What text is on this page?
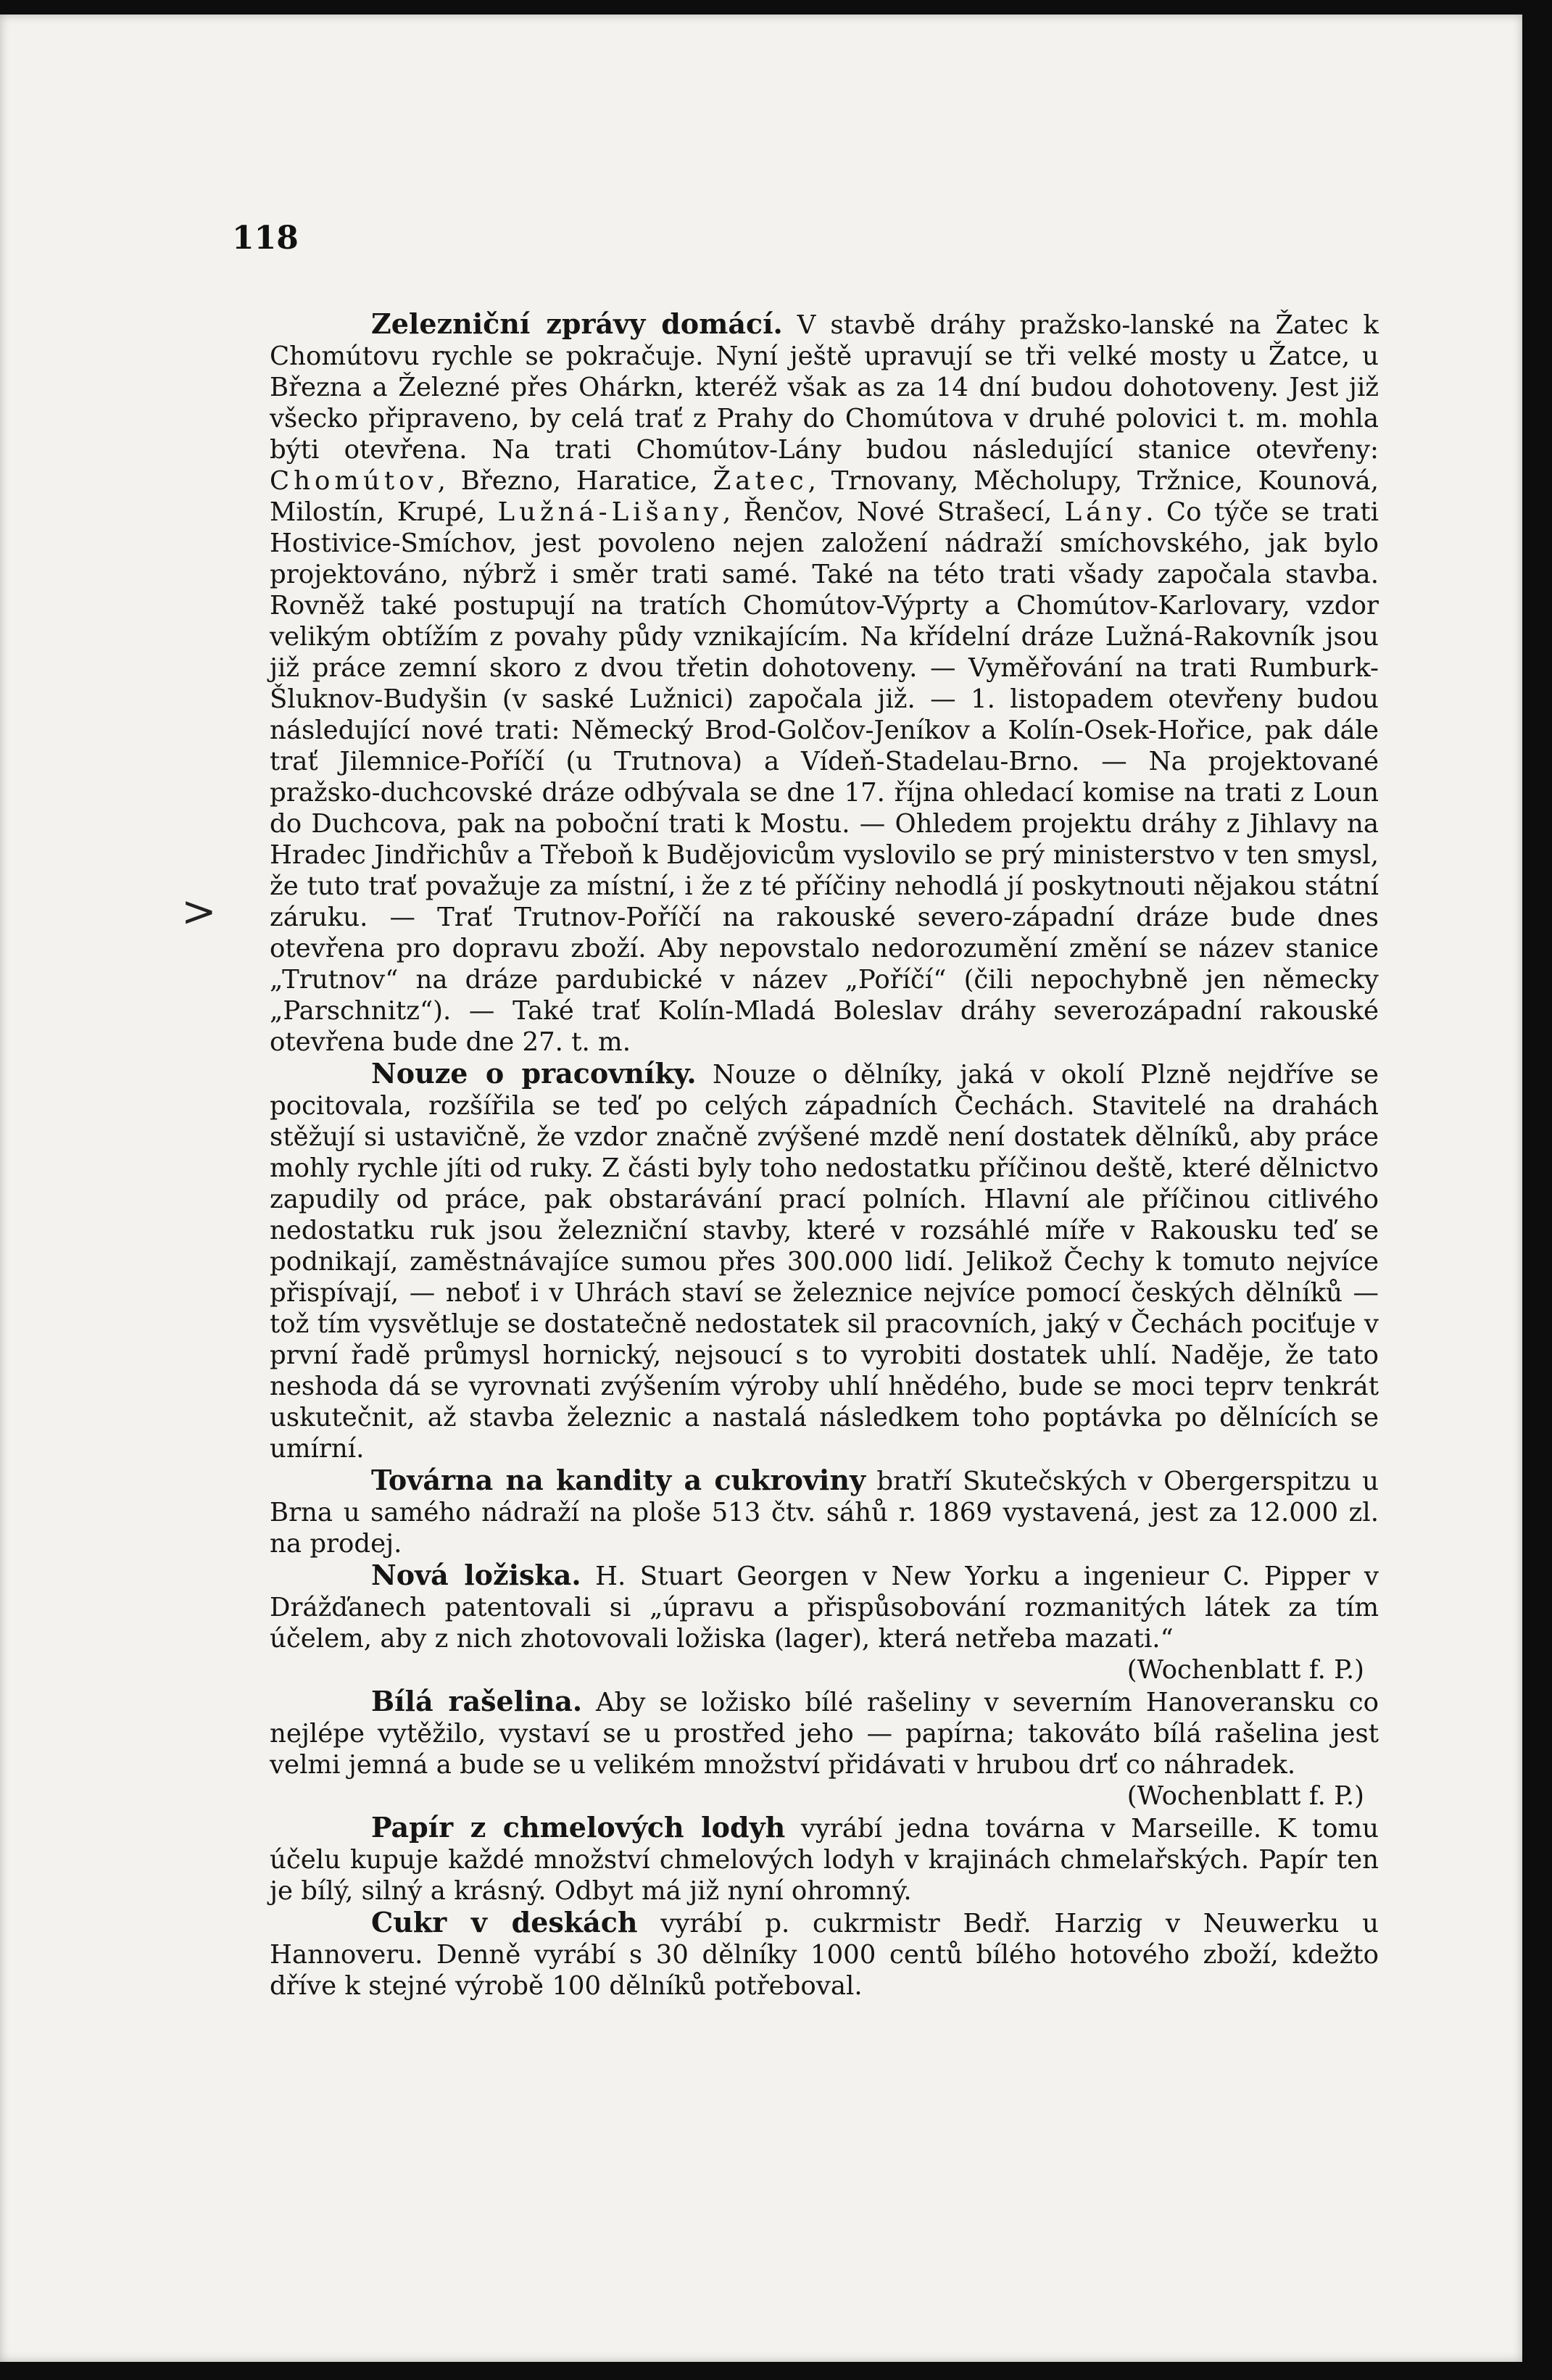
118
>

Zelezniční zprávy domácí. V stavbě dráhy pražsko-lanské na Žatec k Chomútovu rychle se pokračuje. Nyní ještě upravují se tři velké mosty u Žatce, u Března a Železné přes Ohárkn, kteréž však as za 14 dní budou dohotoveny. Jest již všecko připraveno, by celá trať z Prahy do Chomútova v druhé polovici t. m. mohla býti otevřena. Na trati Chomútov-Lány budou následující stanice otevřeny: Chomútov, Březno, Haratice, Žatec, Trnovany, Měcholupy, Tržnice, Kounová, Milostín, Krupé, Lužná-Lišany, Řenčov, Nové Strašecí, Lány. Co týče se trati Hostivice-Smíchov, jest povoleno nejen založení nádraží smíchovského, jak bylo projektováno, nýbrž i směr trati samé. Také na této trati všady započala stavba. Rovněž také postupují na tratích Chomútov-Výprty a Chomútov-Karlovary, vzdor velikým obtížím z povahy půdy vznikajícím. Na křídelní dráze Lužná-Rakovník jsou již práce zemní skoro z dvou třetin dohotoveny. — Vyměřování na trati Rumburk-Šluknov-Budyšin (v saské Lužnici) započala již. — 1. listopadem otevřeny budou následující nové trati: Německý Brod-Golčov-Jeníkov a Kolín-Osek-Hořice, pak dále trať Jilemnice-Poříčí (u Trutnova) a Vídeň-Stadelau-Brno. — Na projektované pražsko-duchcovské dráze odbývala se dne 17. října ohledací komise na trati z Loun do Duchcova, pak na poboční trati k Mostu. — Ohledem projektu dráhy z Jihlavy na Hradec Jindřichův a Třeboň k Budějovicům vyslovilo se prý ministerstvo v ten smysl, že tuto trať považuje za místní, i že z té příčiny nehodlá jí poskytnouti nějakou státní záruku. — Trať Trutnov-Poříčí na rakouské severo-západní dráze bude dnes otevřena pro dopravu zboží. Aby nepovstalo nedorozumění změní se název stanice „Trutnov“ na dráze pardubické v název „Poříčí“ (čili nepochybně jen německy „Parschnitz“). — Také trať Kolín-Mladá Boleslav dráhy severozápadní rakouské otevřena bude dne 27. t. m.

Nouze o pracovníky. Nouze o dělníky, jaká v okolí Plzně nejdříve se pocitovala, rozšířila se teď po celých západních Čechách. Stavitelé na drahách stěžují si ustavičně, že vzdor značně zvýšené mzdě není dostatek dělníků, aby práce mohly rychle jíti od ruky. Z části byly toho nedostatku příčinou deště, které dělnictvo zapudily od práce, pak obstarávání prací polních. Hlavní ale příčinou citlivého nedostatku ruk jsou železniční stavby, které v rozsáhlé míře v Rakousku teď se podnikají, zaměstnávajíce sumou přes 300.000 lidí. Jelikož Čechy k tomuto nejvíce přispívají, — neboť i v Uhrách staví se železnice nejvíce pomocí českých dělníků — tož tím vysvětluje se dostatečně nedostatek sil pracovních, jaký v Čechách pociťuje v první řadě průmysl hornický, nejsoucí s to vyrobiti dostatek uhlí. Naděje, že tato neshoda dá se vyrovnati zvýšením výroby uhlí hnědého, bude se moci teprv tenkrát uskutečnit, až stavba železnic a nastalá následkem toho poptávka po dělnících se umírní.

Továrna na kandity a cukroviny bratří Skutečských v Obergerspitzu u Brna u samého nádraží na ploše 513 čtv. sáhů r. 1869 vystavená, jest za 12.000 zl. na prodej.

Nová ložiska. H. Stuart Georgen v New Yorku a ingenieur C. Pipper v Drážďanech patentovali si „úpravu a přispůsobování rozmanitých látek za tím účelem, aby z nich zhotovovali ložiska (lager), která netřeba mazati.“

(Wochenblatt f. P.)

Bílá rašelina. Aby se ložisko bílé rašeliny v severním Hanoveransku co nejlépe vytěžilo, vystaví se u prostřed jeho — papírna; takováto bílá rašelina jest velmi jemná a bude se u velikém množství přidávati v hrubou drť co náhradek.

(Wochenblatt f. P.)

Papír z chmelových lodyh vyrábí jedna továrna v Marseille. K tomu účelu kupuje každé množství chmelových lodyh v krajinách chmelařských. Papír ten je bílý, silný a krásný. Odbyt má již nyní ohromný.

Cukr v deskách vyrábí p. cukrmistr Bedř. Harzig v Neuwerku u Hannoveru. Denně vyrábí s 30 dělníky 1000 centů bílého hotového zboží, kdežto dříve k stejné výrobě 100 dělníků potřeboval.
